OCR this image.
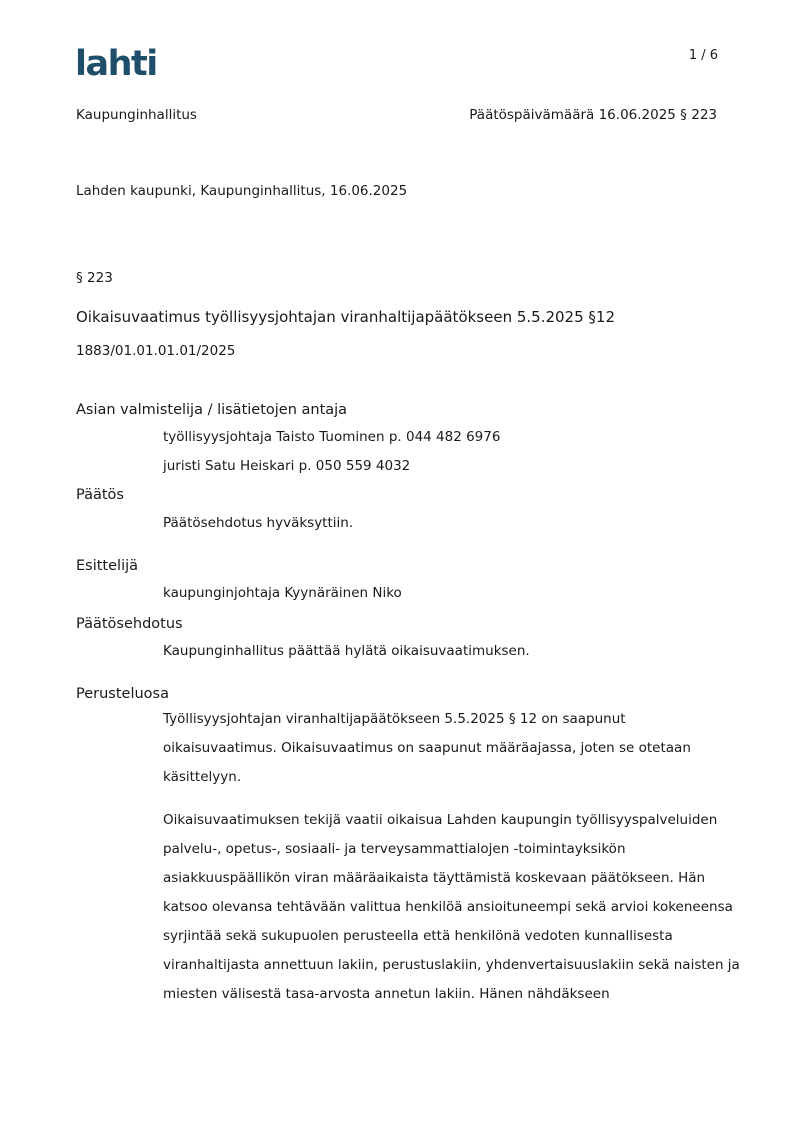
lahti	1 / 6
Kaupunginhallitus	Päätöspäivämäärä 16.06.2025 § 223
Lahden kaupunki, Kaupunginhallitus, 16.06.2025
§ 223
Oikaisuvaatimus työllisyysjohtajan viranhaltijapäätökseen 5.5.2025 §12
1883/01.01.01.01/2025
Asian valmistelija / lisätietojen antaja
työllisyysjohtaja Taisto Tuominen p. 044 482 6976
juristi Satu Heiskari p. 050 559 4032
Päätös
Päätösehdotus hyväksyttiin.
Esittelijä
kaupunginjohtaja Kyynäräinen Niko
Päätösehdotus
Kaupunginhallitus päättää hylätä oikaisuvaatimuksen.
Perusteluosa
Työllisyysjohtajan viranhaltijapäätökseen 5.5.2025 § 12 on saapunut
oikaisuvaatimus. Oikaisuvaatimus on saapunut määräajassa, joten se otetaan
käsittelyyn.
Oikaisuvaatimuksen tekijä vaatii oikaisua Lahden kaupungin työllisyyspalveluiden
palvelu-, opetus-, sosiaali- ja terveysammattialojen -toimintayksikön
asiakkuuspäällikön viran määräaikaista täyttämistä koskevaan päätökseen. Hän
katsoo olevansa tehtävään valittua henkilöä ansioituneempi sekä arvioi kokeneensa
syrjintää sekä sukupuolen perusteella että henkilönä vedoten kunnallisesta
viranhaltijasta annettuun lakiin, perustuslakiin, yhdenvertaisuuslakiin sekä naisten ja
miesten välisestä tasa-arvosta annetun lakiin. Hänen nähdäkseen
